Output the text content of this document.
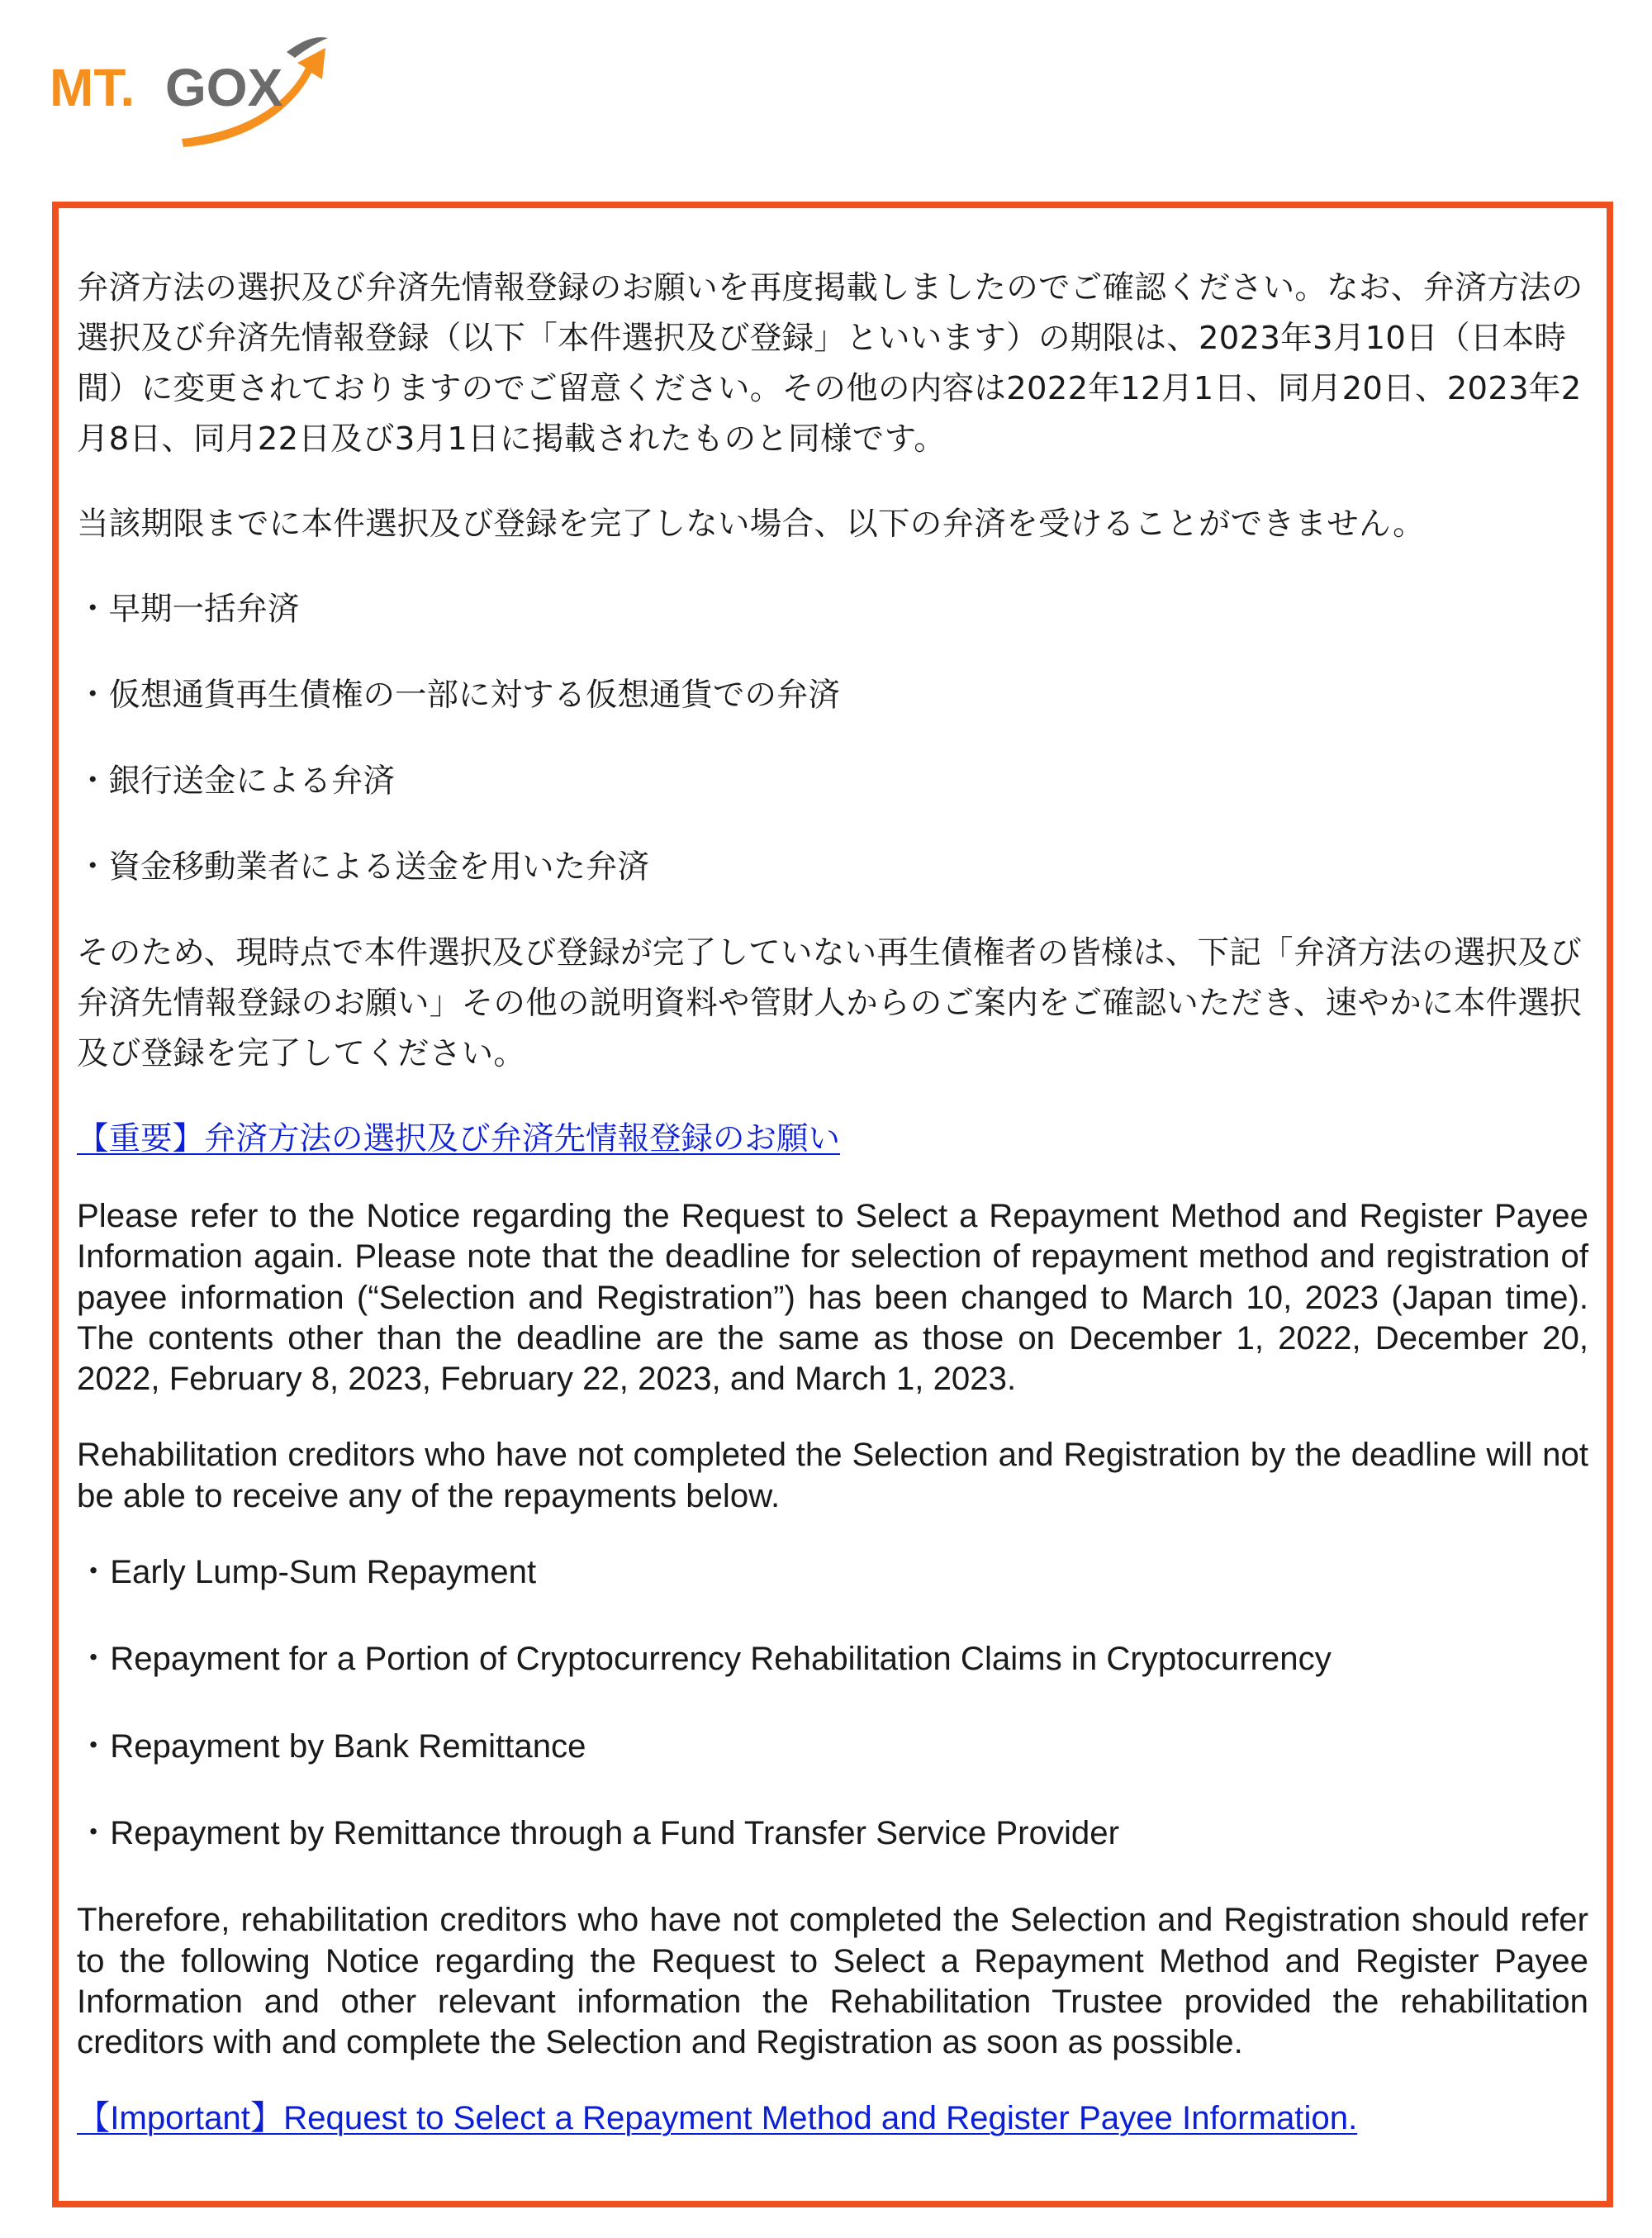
MT. GOX

弁済方法の選択及び弁済先情報登録のお願いを再度掲載しましたのでご確認ください。なお、弁済方法の選択及び弁済先情報登録（以下「本件選択及び登録」といいます）の期限は、2023年3月10日（日本時間）に変更されておりますのでご留意ください。その他の内容は2022年12月1日、同月20日、2023年2月8日、同月22日及び3月1日に掲載されたものと同様です。

当該期限までに本件選択及び登録を完了しない場合、以下の弁済を受けることができません。

・早期一括弁済

・仮想通貨再生債権の一部に対する仮想通貨での弁済

・銀行送金による弁済

・資金移動業者による送金を用いた弁済

そのため、現時点で本件選択及び登録が完了していない再生債権者の皆様は、下記「弁済方法の選択及び弁済先情報登録のお願い」その他の説明資料や管財人からのご案内をご確認いただき、速やかに本件選択及び登録を完了してください。

【重要】弁済方法の選択及び弁済先情報登録のお願い

Please refer to the Notice regarding the Request to Select a Repayment Method and Register Payee Information again. Please note that the deadline for selection of repayment method and registration of payee information (“Selection and Registration”) has been changed to March 10, 2023 (Japan time). The contents other than the deadline are the same as those on December 1, 2022, December 20, 2022, February 8, 2023, February 22, 2023, and March 1, 2023.

Rehabilitation creditors who have not completed the Selection and Registration by the deadline will not be able to receive any of the repayments below.

・Early Lump-Sum Repayment

・Repayment for a Portion of Cryptocurrency Rehabilitation Claims in Cryptocurrency

・Repayment by Bank Remittance

・Repayment by Remittance through a Fund Transfer Service Provider

Therefore, rehabilitation creditors who have not completed the Selection and Registration should refer to the following Notice regarding the Request to Select a Repayment Method and Register Payee Information and other relevant information the Rehabilitation Trustee provided the rehabilitation creditors with and complete the Selection and Registration as soon as possible.

【Important】Request to Select a Repayment Method and Register Payee Information.
